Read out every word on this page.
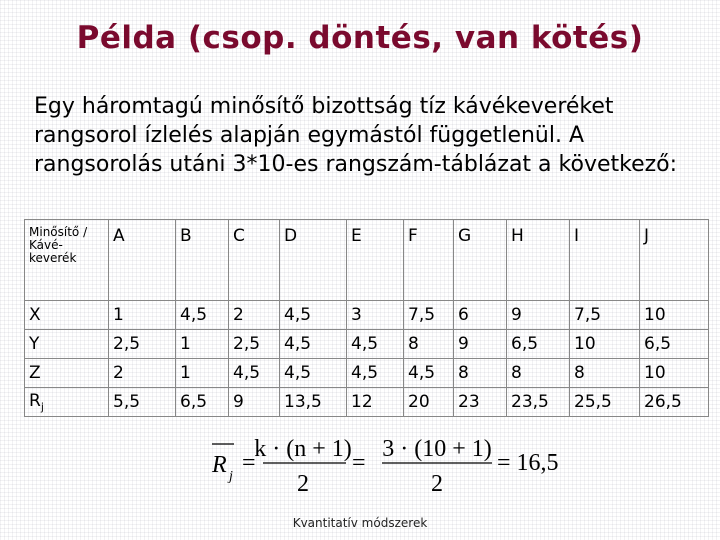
Példa (csop. döntés, van kötés)
Egy háromtagú minősítő bizottság tíz kávékeveréket rangsorol ízlelés alapján egymástól függetlenül. A rangsorolás utáni 3*10-es rangszám-táblázat a következő:
Minősítő / Kávé-keverék	A	B	C	D	E	F	G	H	I	J
X	1	4,5	2	4,5	3	7,5	6	9	7,5	10
Y	2,5	1	2,5	4,5	4,5	8	9	6,5	10	6,5
Z	2	1	4,5	4,5	4,5	4,5	8	8	8	10
$R_j$	5,5	6,5	9	13,5	12	20	23	23,5	25,5	26,5
R j
=
k · (n + 1)
2
=
3 · (10 + 1)
2
= 16,5
Kvantitatív módszerek
